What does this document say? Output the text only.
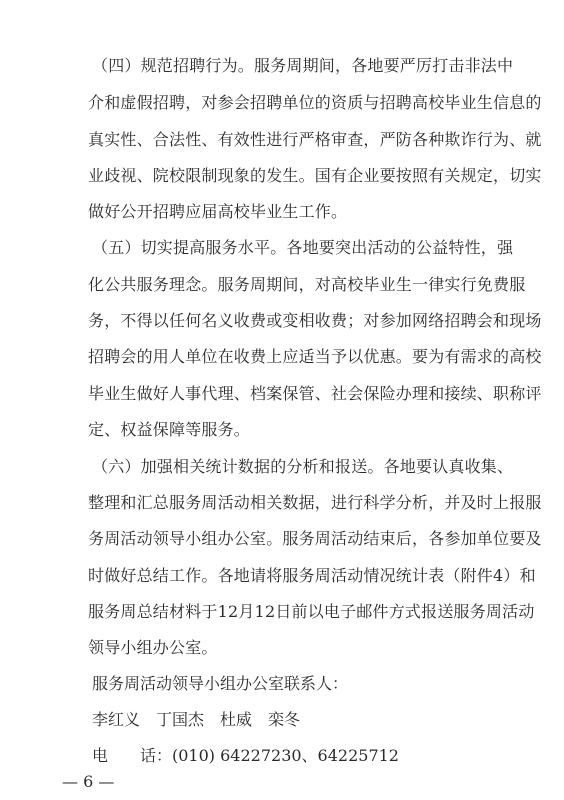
（四）规范招聘行为。服务周期间，各地要严厉打击非法中
介和虚假招聘，对参会招聘单位的资质与招聘高校毕业生信息的
真实性、合法性、有效性进行严格审查，严防各种欺诈行为、就
业歧视、院校限制现象的发生。国有企业要按照有关规定，切实
做好公开招聘应届高校毕业生工作。
（五）切实提高服务水平。各地要突出活动的公益特性，强
化公共服务理念。服务周期间，对高校毕业生一律实行免费服
务，不得以任何名义收费或变相收费；对参加网络招聘会和现场
招聘会的用人单位在收费上应适当予以优惠。要为有需求的高校
毕业生做好人事代理、档案保管、社会保险办理和接续、职称评
定、权益保障等服务。
（六）加强相关统计数据的分析和报送。各地要认真收集、
整理和汇总服务周活动相关数据，进行科学分析，并及时上报服
务周活动领导小组办公室。服务周活动结束后，各参加单位要及
时做好总结工作。各地请将服务周活动情况统计表（附件4）和
服务周总结材料于12月12日前以电子邮件方式报送服务周活动
领导小组办公室。
服务周活动领导小组办公室联系人：
李红义　丁国杰　杜威　栾冬
电　　话：(010) 64227230、64225712
— 6 —
